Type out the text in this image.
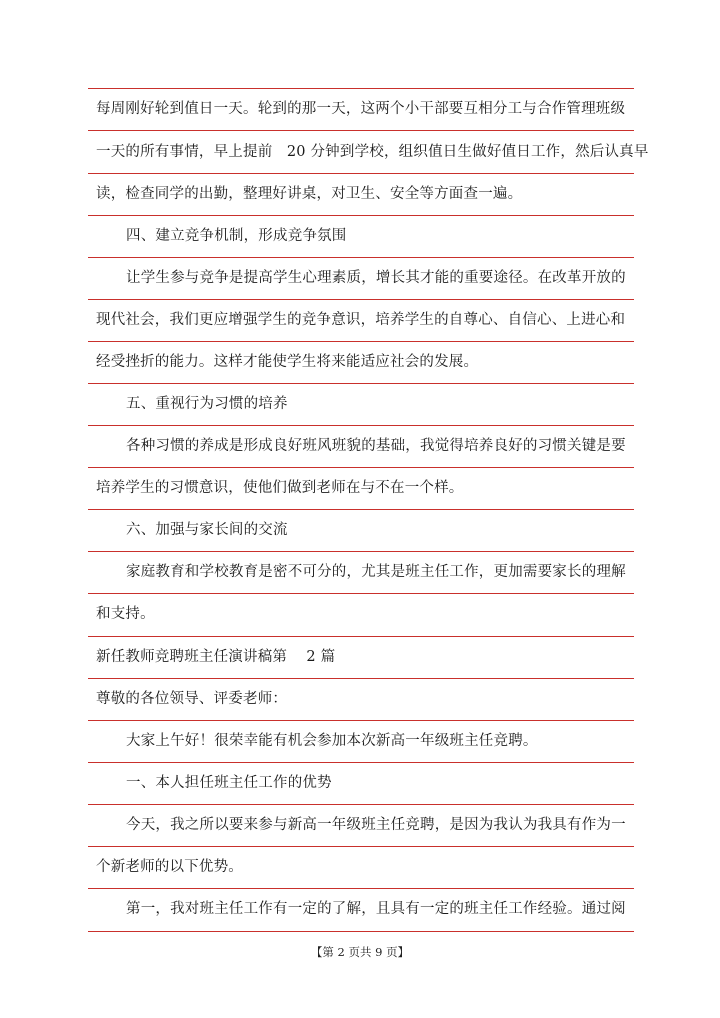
每周刚好轮到值日一天。轮到的那一天，这两个小干部要互相分工与合作管理班级
一天的所有事情，早上提前   20 分钟到学校，组织值日生做好值日工作，然后认真早
读，检查同学的出勤，整理好讲桌，对卫生、安全等方面查一遍。
四、建立竞争机制，形成竞争氛围
让学生参与竞争是提高学生心理素质，增长其才能的重要途径。在改革开放的
现代社会，我们更应增强学生的竞争意识，培养学生的自尊心、自信心、上进心和
经受挫折的能力。这样才能使学生将来能适应社会的发展。
五、重视行为习惯的培养
各种习惯的养成是形成良好班风班貌的基础，我觉得培养良好的习惯关键是要
培养学生的习惯意识，使他们做到老师在与不在一个样。
六、加强与家长间的交流
家庭教育和学校教育是密不可分的，尤其是班主任工作，更加需要家长的理解
和支持。
新任教师竞聘班主任演讲稿第    2 篇
尊敬的各位领导、评委老师：
大家上午好！很荣幸能有机会参加本次新高一年级班主任竞聘。
一、本人担任班主任工作的优势
今天，我之所以要来参与新高一年级班主任竞聘，是因为我认为我具有作为一
个新老师的以下优势。
第一，我对班主任工作有一定的了解，且具有一定的班主任工作经验。通过阅
【第 2 页共 9 页】
